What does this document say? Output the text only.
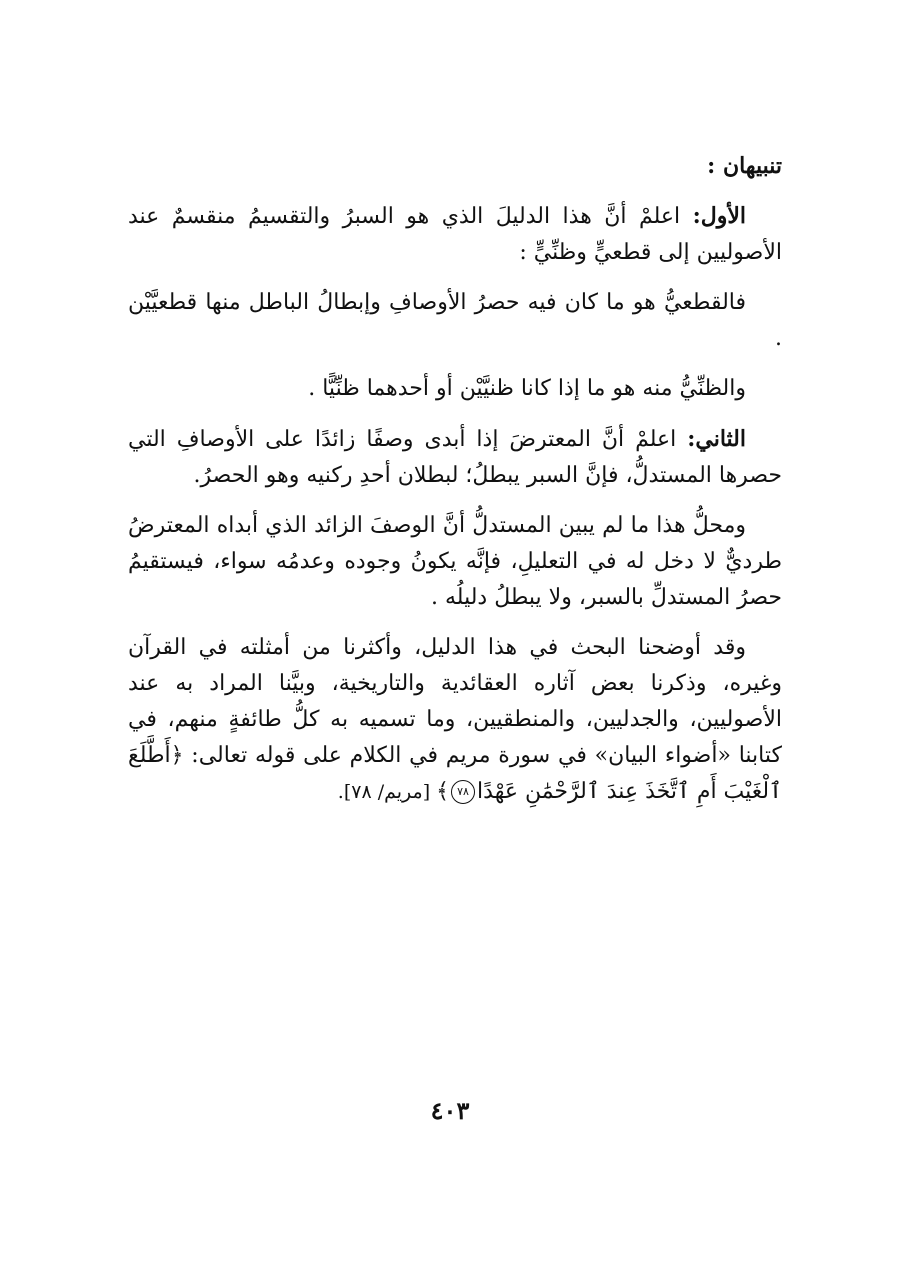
تنبيهان :

الأول: اعلمْ أنَّ هذا الدليلَ الذي هو السبرُ والتقسيمُ منقسمٌ عند الأصوليين إلى قطعيٍّ وظنِّيٍّ :

فالقطعيُّ هو ما كان فيه حصرُ الأوصافِ وإبطالُ الباطل منها قطعيَّيْن .

والظنِّيُّ منه هو ما إذا كانا ظنيَّيْن أو أحدهما ظنِّيًّا .

الثاني: اعلمْ أنَّ المعترضَ إذا أبدى وصفًا زائدًا على الأوصافِ التي حصرها المستدلُّ، فإنَّ السبر يبطلُ؛ لبطلان أحدِ ركنيه وهو الحصرُ.

ومحلُّ هذا ما لم يبين المستدلُّ أنَّ الوصفَ الزائد الذي أبداه المعترضُ طرديٌّ لا دخل له في التعليلِ، فإنَّه يكونُ وجوده وعدمُه سواء، فيستقيمُ حصرُ المستدلِّ بالسبر، ولا يبطلُ دليلُه .

وقد أوضحنا البحث في هذا الدليل، وأكثرنا من أمثلته في القرآن وغيره، وذكرنا بعض آثاره العقائدية والتاريخية، وبيَّنا المراد به عند الأصوليين، والجدليين، والمنطقيين، وما تسميه به كلُّ طائفةٍ منهم، في كتابنا «أضواء البيان» في سورة مريم في الكلام على قوله تعالى: ﴿أَطَّلَعَ ٱلْغَيْبَ أَمِ ٱتَّخَذَ عِندَ ٱلرَّحْمَٰنِ عَهْدًا٧٨﴾ [مريم/ ٧٨].

٤٠٣
